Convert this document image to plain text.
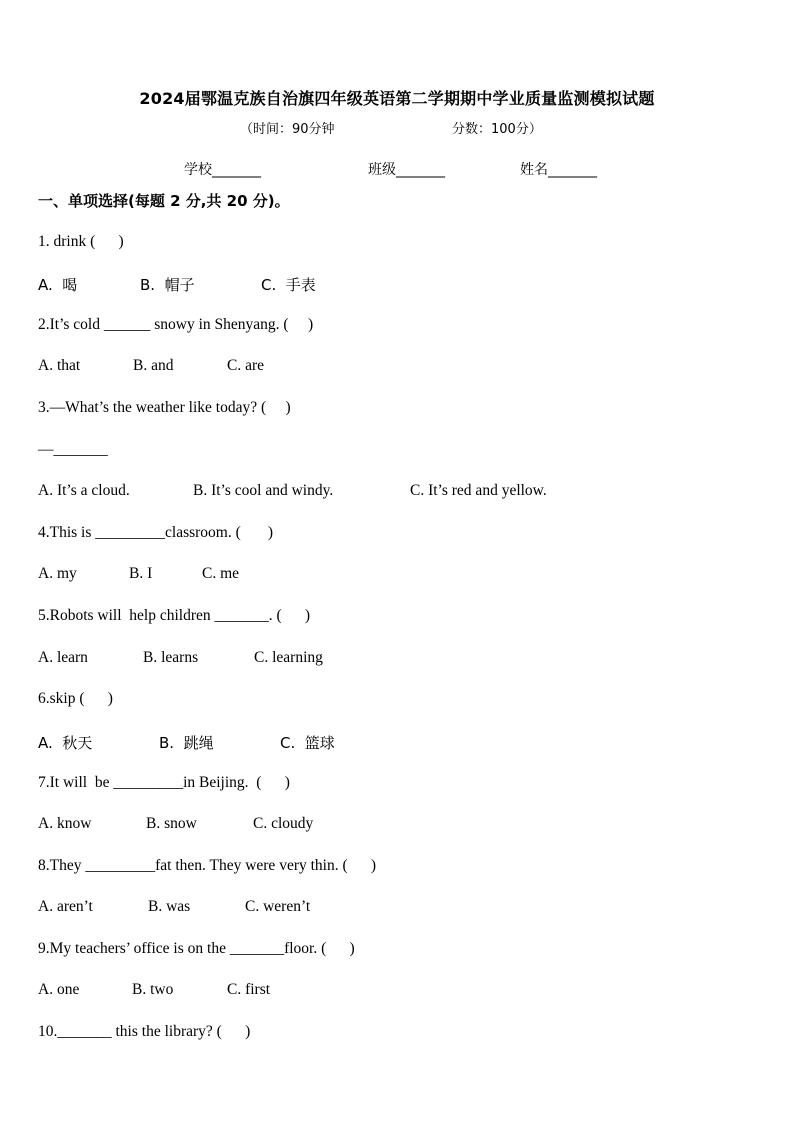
2024届鄂温克族自治旗四年级英语第二学期期中学业质量监测模拟试题
（时间：90分钟	分数：100分）
学校_______	班级_______	姓名_______
一、单项选择(每题 2 分,共 20 分)。
1. drink (      )
A.  喝	B.  帽子	C.  手表
2.It’s cold ______ snowy in Shenyang. (     )
A. that	B. and	C. are
3.—What’s the weather like today? (     )
—_______
A. It’s a cloud.	B. It’s cool and windy.	C. It’s red and yellow.
4.This is _________classroom. (       )
A. my	B. I	C. me
5.Robots will  help children _______. (      )
A. learn	B. learns	C. learning
6.skip (      )
A.  秋天	B.  跳绳	C.  篮球
7.It will  be _________in Beijing.  (      )
A. know	B. snow	C. cloudy
8.They _________fat then. They were very thin. (      )
A. aren’t	B. was	C. weren’t
9.My teachers’ office is on the _______floor. (      )
A. one	B. two	C. first
10._______ this the library? (      )
